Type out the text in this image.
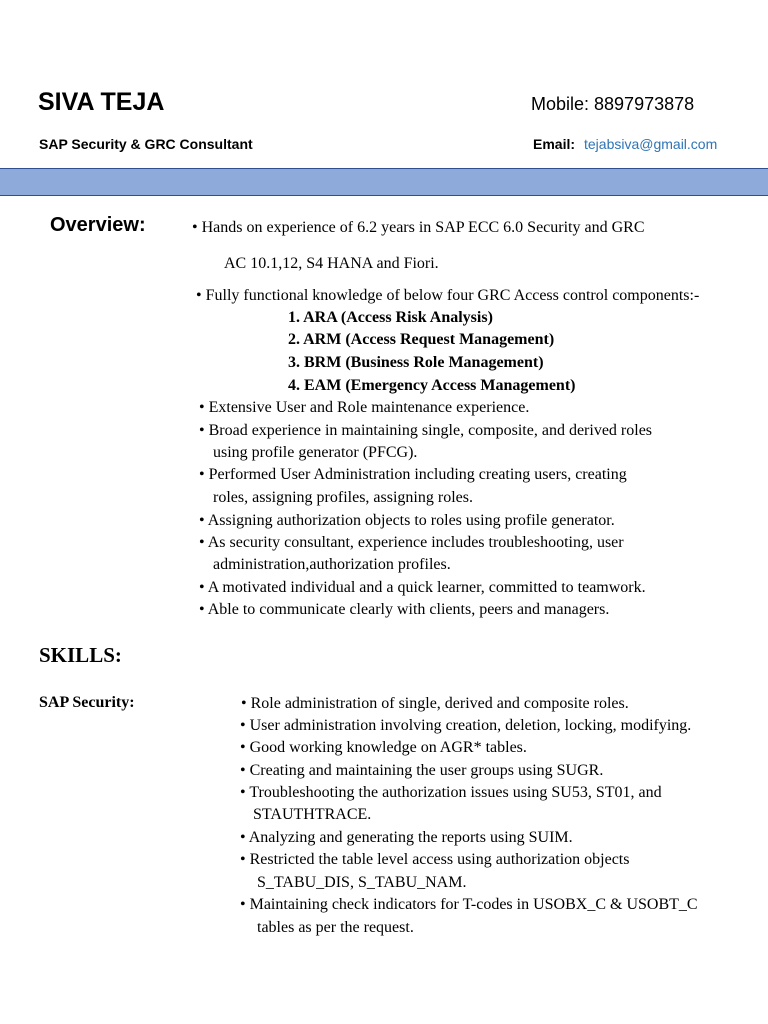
SIVA TEJA	Mobile: 8897973878
SAP Security & GRC Consultant	Email: tejabsiva@gmail.com
Overview:	• Hands on experience of 6.2 years in SAP ECC 6.0 Security and GRC
AC 10.1,12, S4 HANA and Fiori.
• Fully functional knowledge of below four GRC Access control components:-
1. ARA (Access Risk Analysis)
2. ARM (Access Request Management)
3. BRM (Business Role Management)
4. EAM (Emergency Access Management)
• Extensive User and Role maintenance experience.
• Broad experience in maintaining single, composite, and derived roles
using profile generator (PFCG).
• Performed User Administration including creating users, creating
roles, assigning profiles, assigning roles.
• Assigning authorization objects to roles using profile generator.
• As security consultant, experience includes troubleshooting, user
administration,authorization profiles.
• A motivated individual and a quick learner, committed to teamwork.
• Able to communicate clearly with clients, peers and managers.
SKILLS:
SAP Security:	• Role administration of single, derived and composite roles.
• User administration involving creation, deletion, locking, modifying.
• Good working knowledge on AGR* tables.
• Creating and maintaining the user groups using SUGR.
• Troubleshooting the authorization issues using SU53, ST01, and
STAUTHTRACE.
• Analyzing and generating the reports using SUIM.
• Restricted the table level access using authorization objects
S_TABU_DIS, S_TABU_NAM.
• Maintaining check indicators for T-codes in USOBX_C & USOBT_C
tables as per the request.
